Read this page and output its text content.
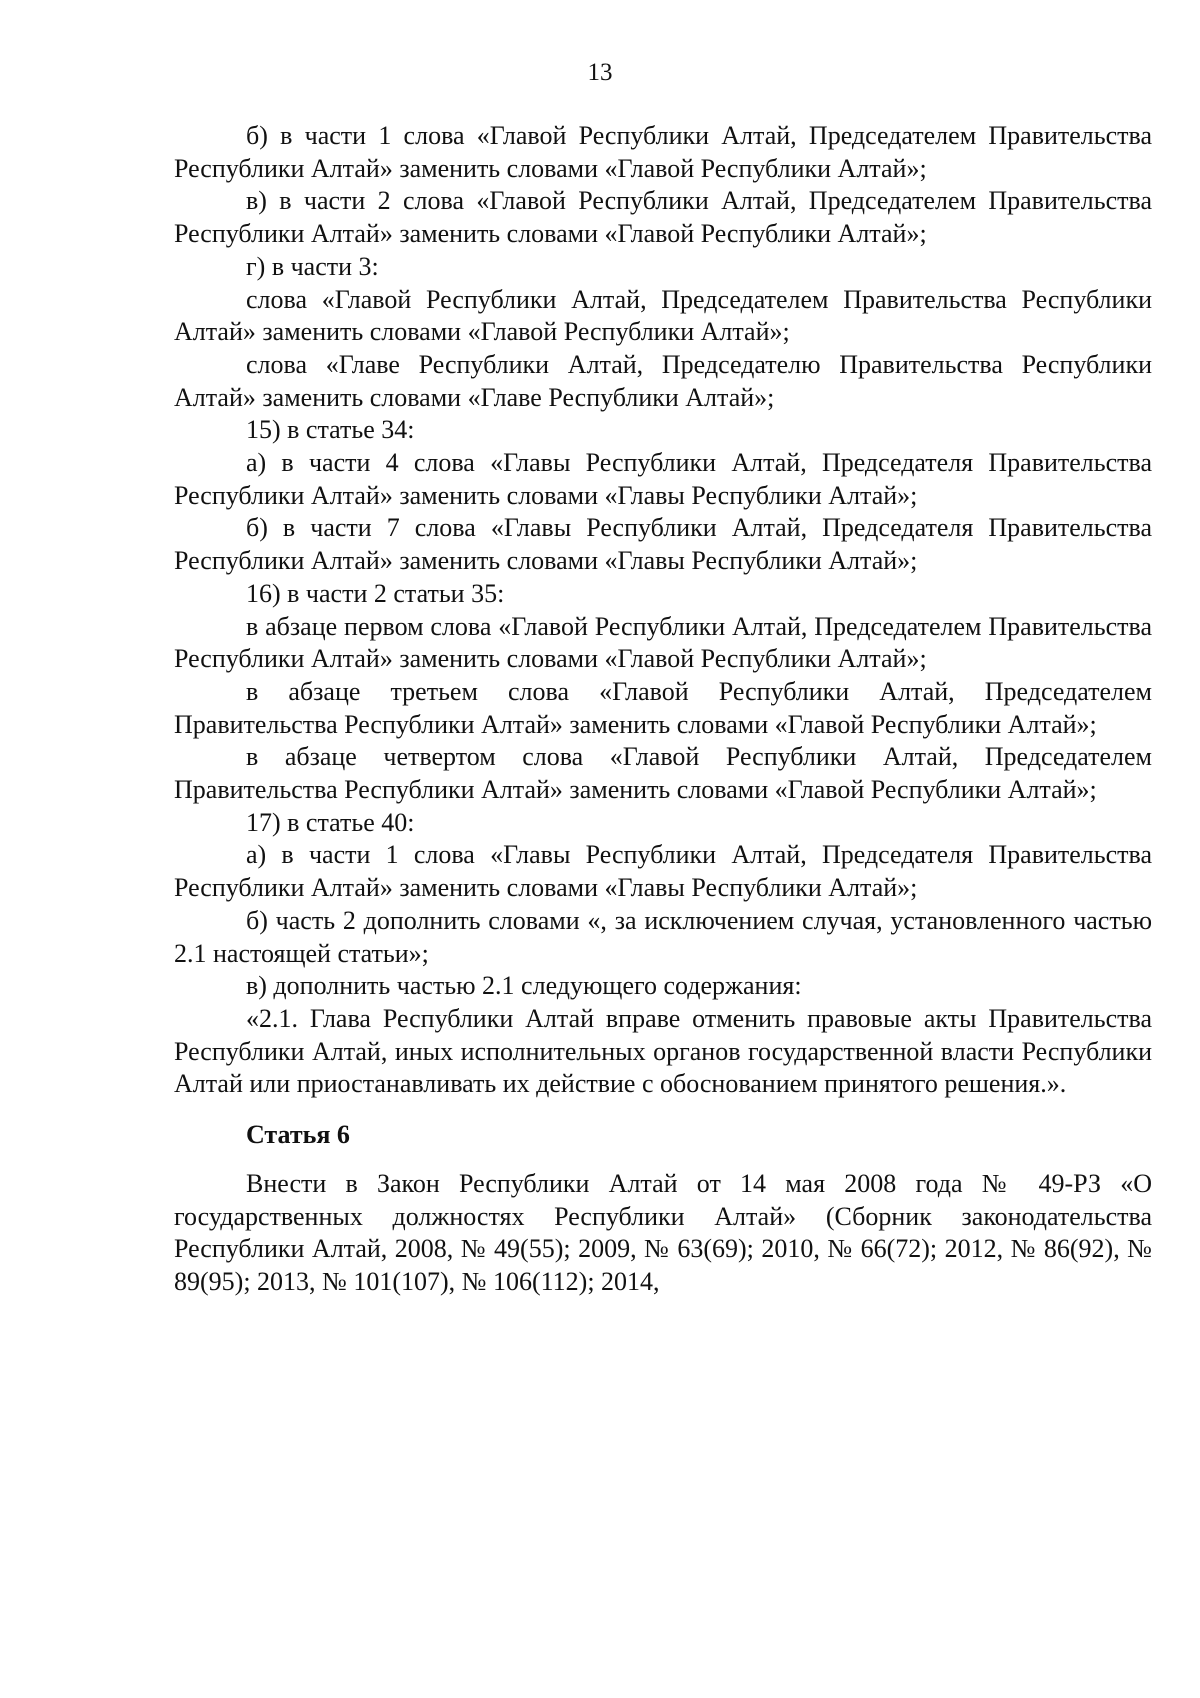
13

б) в части 1 слова «Главой Республики Алтай, Председателем Правительства Республики Алтай» заменить словами «Главой Республики Алтай»;

в) в части 2 слова «Главой Республики Алтай, Председателем Правительства Республики Алтай» заменить словами «Главой Республики Алтай»;

г) в части 3:

слова «Главой Республики Алтай, Председателем Правительства Республики Алтай» заменить словами «Главой Республики Алтай»;

слова «Главе Республики Алтай, Председателю Правительства Республики Алтай» заменить словами «Главе Республики Алтай»;

15) в статье 34:

а) в части 4 слова «Главы Республики Алтай, Председателя Правительства Республики Алтай» заменить словами «Главы Республики Алтай»;

б) в части 7 слова «Главы Республики Алтай, Председателя Правительства Республики Алтай» заменить словами «Главы Республики Алтай»;

16) в части 2 статьи 35:

в абзаце первом слова «Главой Республики Алтай, Председателем Правительства Республики Алтай» заменить словами «Главой Республики Алтай»;

в абзаце третьем слова «Главой Республики Алтай, Председателем Правительства Республики Алтай» заменить словами «Главой Республики Алтай»;

в абзаце четвертом слова «Главой Республики Алтай, Председателем Правительства Республики Алтай» заменить словами «Главой Республики Алтай»;

17) в статье 40:

а) в части 1 слова «Главы Республики Алтай, Председателя Правительства Республики Алтай» заменить словами «Главы Республики Алтай»;

б) часть 2 дополнить словами «, за исключением случая, установленного частью 2.1 настоящей статьи»;

в) дополнить частью 2.1 следующего содержания:

«2.1. Глава Республики Алтай вправе отменить правовые акты Правительства Республики Алтай, иных исполнительных органов государственной власти Республики Алтай или приостанавливать их действие с обоснованием принятого решения.».

Статья 6

Внести в Закон Республики Алтай от 14 мая 2008 года № 49-РЗ «О государственных должностях Республики Алтай» (Сборник законодательства Республики Алтай, 2008, № 49(55); 2009, № 63(69); 2010, № 66(72); 2012, № 86(92), № 89(95); 2013, № 101(107), № 106(112); 2014,
